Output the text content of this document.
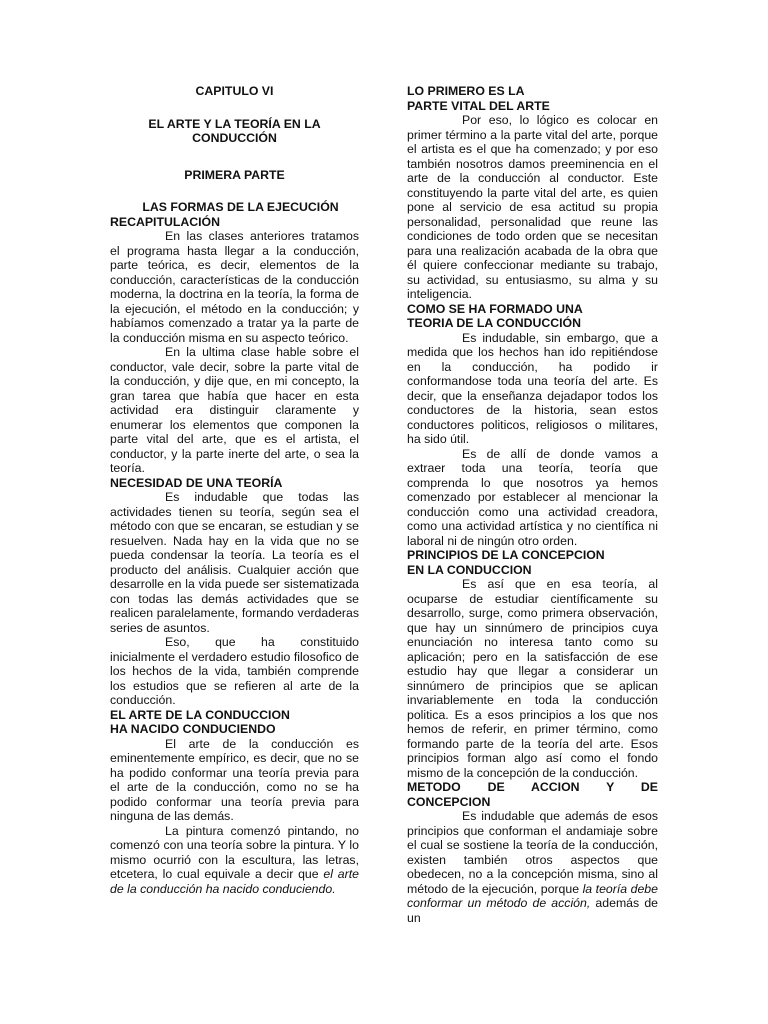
CAPITULO VI
EL ARTE Y LA TEORÍA EN LA
CONDUCCIÓN
PRIMERA PARTE
LAS FORMAS DE LA EJECUCIÓN
RECAPITULACIÓN

En las clases anteriores tratamos el programa hasta llegar a la conducción, parte teórica, es decir, elementos de la conducción, características de la conducción moderna, la doctrina en la teoría, la forma de la ejecución, el método en la conducción; y habíamos comenzado a tratar ya la parte de la conducción misma en su aspecto teórico.

En la ultima clase hable sobre el conductor, vale decir, sobre la parte vital de la conducción, y dije que, en mi concepto, la gran tarea que había que hacer en esta actividad era distinguir claramente y enumerar los elementos que componen la parte vital del arte, que es el artista, el conductor, y la parte inerte del arte, o sea la teoría.

NECESIDAD DE UNA TEORÍA

Es indudable que todas las actividades tienen su teoría, según sea el método con que se encaran, se estudian y se resuelven. Nada hay en la vida que no se pueda condensar la teoría. La teoría es el producto del análisis. Cualquier acción que desarrolle en la vida puede ser sistematizada con todas las demás actividades que se realicen paralelamente, formando verdaderas series de asuntos.

Eso, que ha constituido inicialmente el verdadero estudio filosofico de los hechos de la vida, también comprende los estudios que se refieren al arte de la conducción.

EL ARTE DE LA CONDUCCION
HA NACIDO CONDUCIENDO

El arte de la conducción es eminentemente empírico, es decir, que no se ha podido conformar una teoría previa para el arte de la conducción, como no se ha podido conformar una teoría previa para ninguna de las demás.

La pintura comenzó pintando, no comenzó con una teoría sobre la pintura. Y lo mismo ocurrió con la escultura, las letras, etcetera, lo cual equivale a decir que el arte de la conducción ha nacido conduciendo.

LO PRIMERO ES LA
PARTE VITAL DEL ARTE

Por eso, lo lógico es colocar en primer término a la parte vital del arte, porque el artista es el que ha comenzado; y por eso también nosotros damos preeminencia en el arte de la conducción al conductor. Este constituyendo la parte vital del arte, es quien pone al servicio de esa actitud su propia personalidad, personalidad que reune las condiciones de todo orden que se necesitan para una realización acabada de la obra que él quiere confeccionar mediante su trabajo, su actividad, su entusiasmo, su alma y su inteligencia.

COMO SE HA FORMADO UNA
TEORIA DE LA CONDUCCIÓN

Es indudable, sin embargo, que a medida que los hechos han ido repitiéndose en la conducción, ha podido ir conformandose toda una teoría del arte. Es decir, que la enseñanza dejadapor todos los conductores de la historia, sean estos conductores politicos, religiosos o militares, ha sido útil.

Es de allí de donde vamos a extraer toda una teoría, teoría que comprenda lo que nosotros ya hemos comenzado por establecer al mencionar la conducción como una actividad creadora, como una actividad artística y no científica ni laboral ni de ningún otro orden.

PRINCIPIOS DE LA CONCEPCION
EN LA CONDUCCION

Es así que en esa teoría, al ocuparse de estudiar científicamente su desarrollo, surge, como primera observación, que hay un sinnúmero de principios cuya enunciación no interesa tanto como su aplicación; pero en la satisfacción de ese estudio hay que llegar a considerar un sinnúmero de principios que se aplican invariablemente en toda la conducción politica. Es a esos principios a los que nos hemos de referir, en primer término, como formando parte de la teoría del arte. Esos principios forman algo así como el fondo mismo de la concepción de la conducción.

METODO DE ACCION Y DE
CONCEPCION

Es indudable que además de esos principios que conforman el andamiaje sobre el cual se sostiene la teoría de la conducción, existen también otros aspectos que obedecen, no a la concepción misma, sino al método de la ejecución, porque la teoría debe conformar un método de acción, además de un
